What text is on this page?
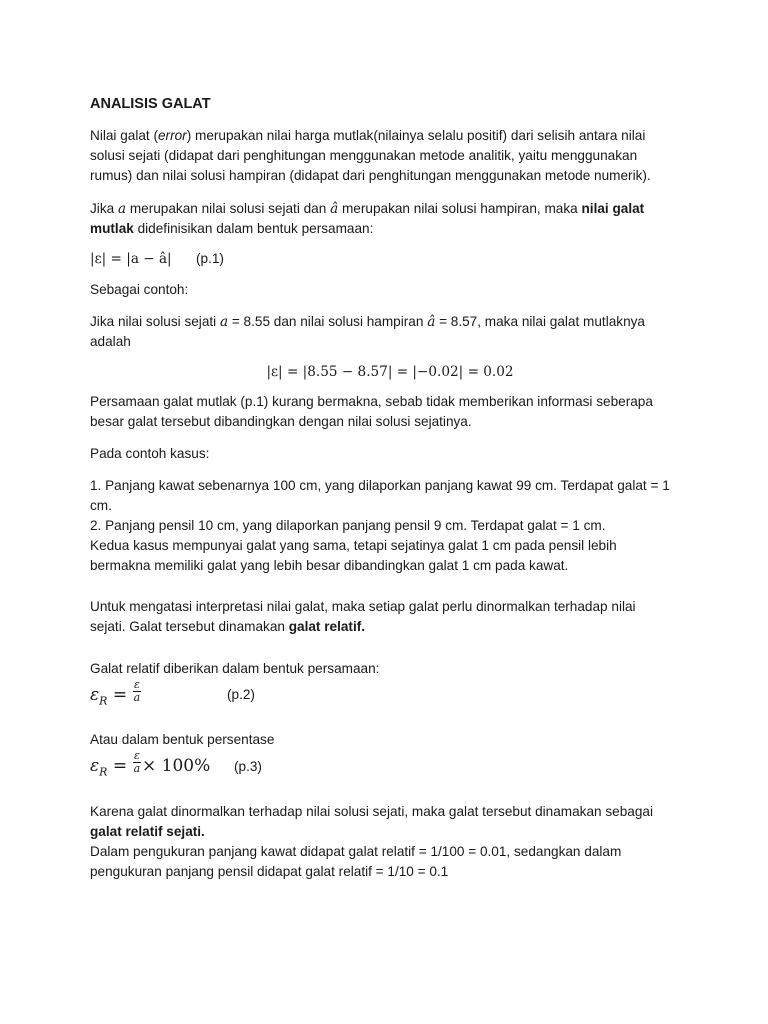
ANALISIS GALAT
Nilai galat (error) merupakan nilai harga mutlak(nilainya selalu positif) dari selisih antara nilai
solusi sejati (didapat dari penghitungan menggunakan metode analitik, yaitu menggunakan
rumus) dan nilai solusi hampiran (didapat dari penghitungan menggunakan metode numerik).
Jika a merupakan nilai solusi sejati dan â merupakan nilai solusi hampiran, maka nilai galat
mutlak didefinisikan dalam bentuk persamaan:
|ε| = |a − â| (p.1)
Sebagai contoh:
Jika nilai solusi sejati a = 8.55 dan nilai solusi hampiran â = 8.57, maka nilai galat mutlaknya
adalah
|ε| = |8.55 − 8.57| = |−0.02| = 0.02
Persamaan galat mutlak (p.1) kurang bermakna, sebab tidak memberikan informasi seberapa
besar galat tersebut dibandingkan dengan nilai solusi sejatinya.
Pada contoh kasus:
1. Panjang kawat sebenarnya 100 cm, yang dilaporkan panjang kawat 99 cm. Terdapat galat = 1
cm.
2. Panjang pensil 10 cm, yang dilaporkan panjang pensil 9 cm. Terdapat galat = 1 cm.
Kedua kasus mempunyai galat yang sama, tetapi sejatinya galat 1 cm pada pensil lebih
bermakna memiliki galat yang lebih besar dibandingkan galat 1 cm pada kawat.
Untuk mengatasi interpretasi nilai galat, maka setiap galat perlu dinormalkan terhadap nilai
sejati. Galat tersebut dinamakan galat relatif.
Galat relatif diberikan dalam bentuk persamaan:
$\varepsilon_R = \frac{\varepsilon}{a}$	(p.2)
Atau dalam bentuk persentase
$\varepsilon_R = \frac{\varepsilon}{a} \times 100\%$ (p.3)
Karena galat dinormalkan terhadap nilai solusi sejati, maka galat tersebut dinamakan sebagai
galat relatif sejati.
Dalam pengukuran panjang kawat didapat galat relatif = 1/100 = 0.01, sedangkan dalam
pengukuran panjang pensil didapat galat relatif = 1/10 = 0.1
